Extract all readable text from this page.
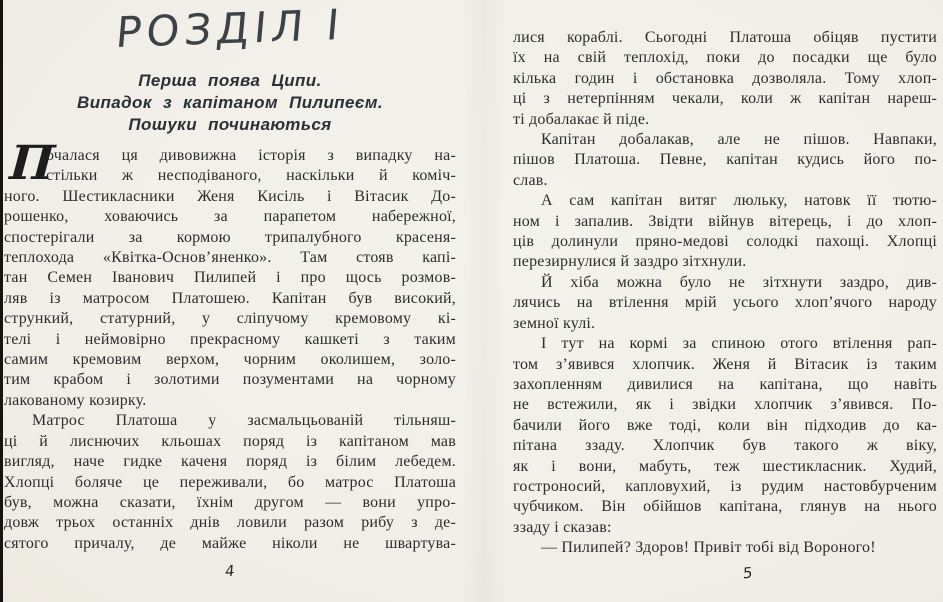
РОЗДІЛ І
Перша поява Ципи.
Випадок з капітаном Пилипеєм.
Пошуки починаються
П
очалася ця дивовижна історія з випадку на-
стільки ж несподіваного, наскільки й коміч-
ного. Шестикласники Женя Кисіль і Вітасик До-
рошенко, ховаючись за парапетом набережної,
спостерігали за кормою трипалубного красеня-
теплохода «Квітка-Основ’яненко». Там стояв капі-
тан Семен Іванович Пилипей і про щось розмов-
ляв із матросом Платошею. Капітан був високий,
стрункий, статурний, у сліпучому кремовому кі-
телі і неймовірно прекрасному кашкеті з таким
самим кремовим верхом, чорним околишем, золо-
тим крабом і золотими позументами на чорному
лакованому козирку.
Матрос Платоша у засмальцьованій тільняш-
ці й лиснючих кльошах поряд із капітаном мав
вигляд, наче гидке каченя поряд із білим лебедем.
Хлопці боляче це переживали, бо матрос Платоша
був, можна сказати, їхнім другом — вони упро-
довж трьох останніх днів ловили разом рибу з де-
сятого причалу, де майже ніколи не швартува-
4
лися кораблі. Сьогодні Платоша обіцяв пустити
їх на свій теплохід, поки до посадки ще було
кілька годин і обстановка дозволяла. Тому хлоп-
ці з нетерпінням чекали, коли ж капітан нареш-
ті добалакає й піде.
Капітан добалакав, але не пішов. Навпаки,
пішов Платоша. Певне, капітан кудись його по-
слав.
А сам капітан витяг люльку, натовк її тютю-
ном і запалив. Звідти війнув вітерець, і до хлоп-
ців долинули пряно-медові солодкі пахощі. Хлопці
перезирнулися й заздро зітхнули.
Й хіба можна було не зітхнути заздро, див-
лячись на втілення мрій усього хлоп’ячого народу
земної кулі.
І тут на кормі за спиною отого втілення рап-
том з’явився хлопчик. Женя й Вітасик із таким
захопленням дивилися на капітана, що навіть
не встежили, як і звідки хлопчик з’явився. По-
бачили його вже тоді, коли він підходив до ка-
пітана ззаду. Хлопчик був такого ж віку,
як і вони, мабуть, теж шестикласник. Худий,
гостроносий, капловухий, із рудим настовбурченим
чубчиком. Він обійшов капітана, глянув на нього
ззаду і сказав:
— Пилипей? Здоров! Привіт тобі від Вороного!
5
